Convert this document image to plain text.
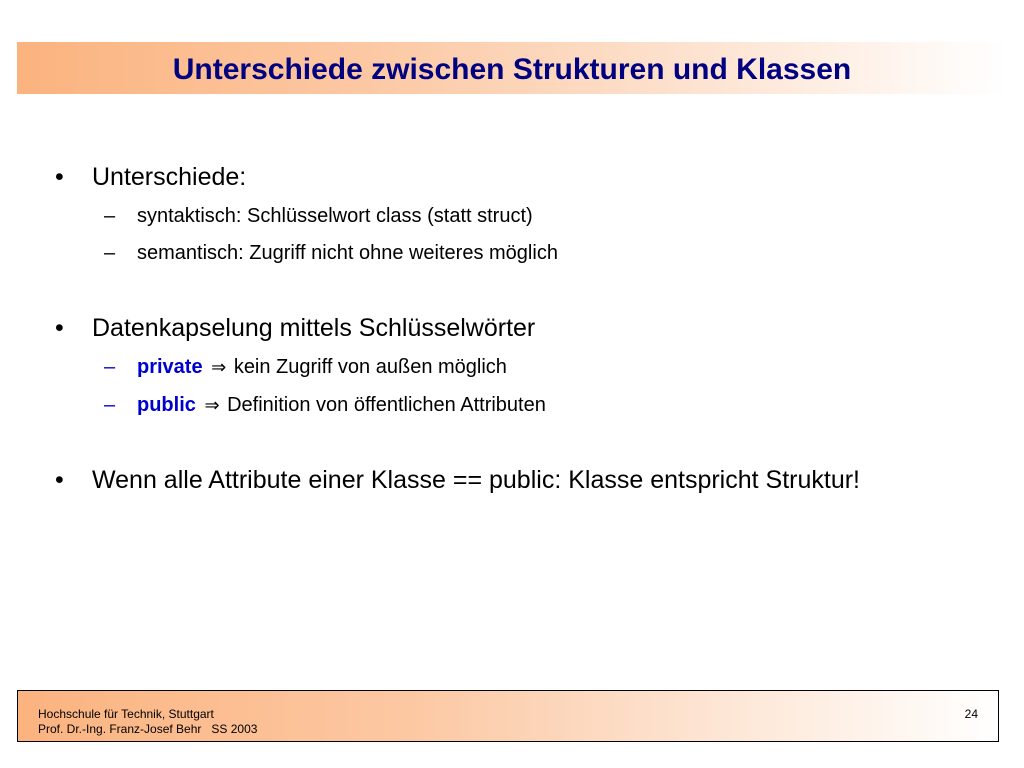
Unterschiede zwischen Strukturen und Klassen
•	Unterschiede:
– syntaktisch: Schlüsselwort class (statt struct)
– semantisch: Zugriff nicht ohne weiteres möglich
•	Datenkapselung mittels Schlüsselwörter
– private ⇒ kein Zugriff von außen möglich
– public ⇒ Definition von öffentlichen Attributen
•	Wenn alle Attribute einer Klasse == public: Klasse entspricht Struktur!
Hochschule für Technik, Stuttgart
Prof. Dr.-Ing. Franz-Josef Behr   SS 2003
24
